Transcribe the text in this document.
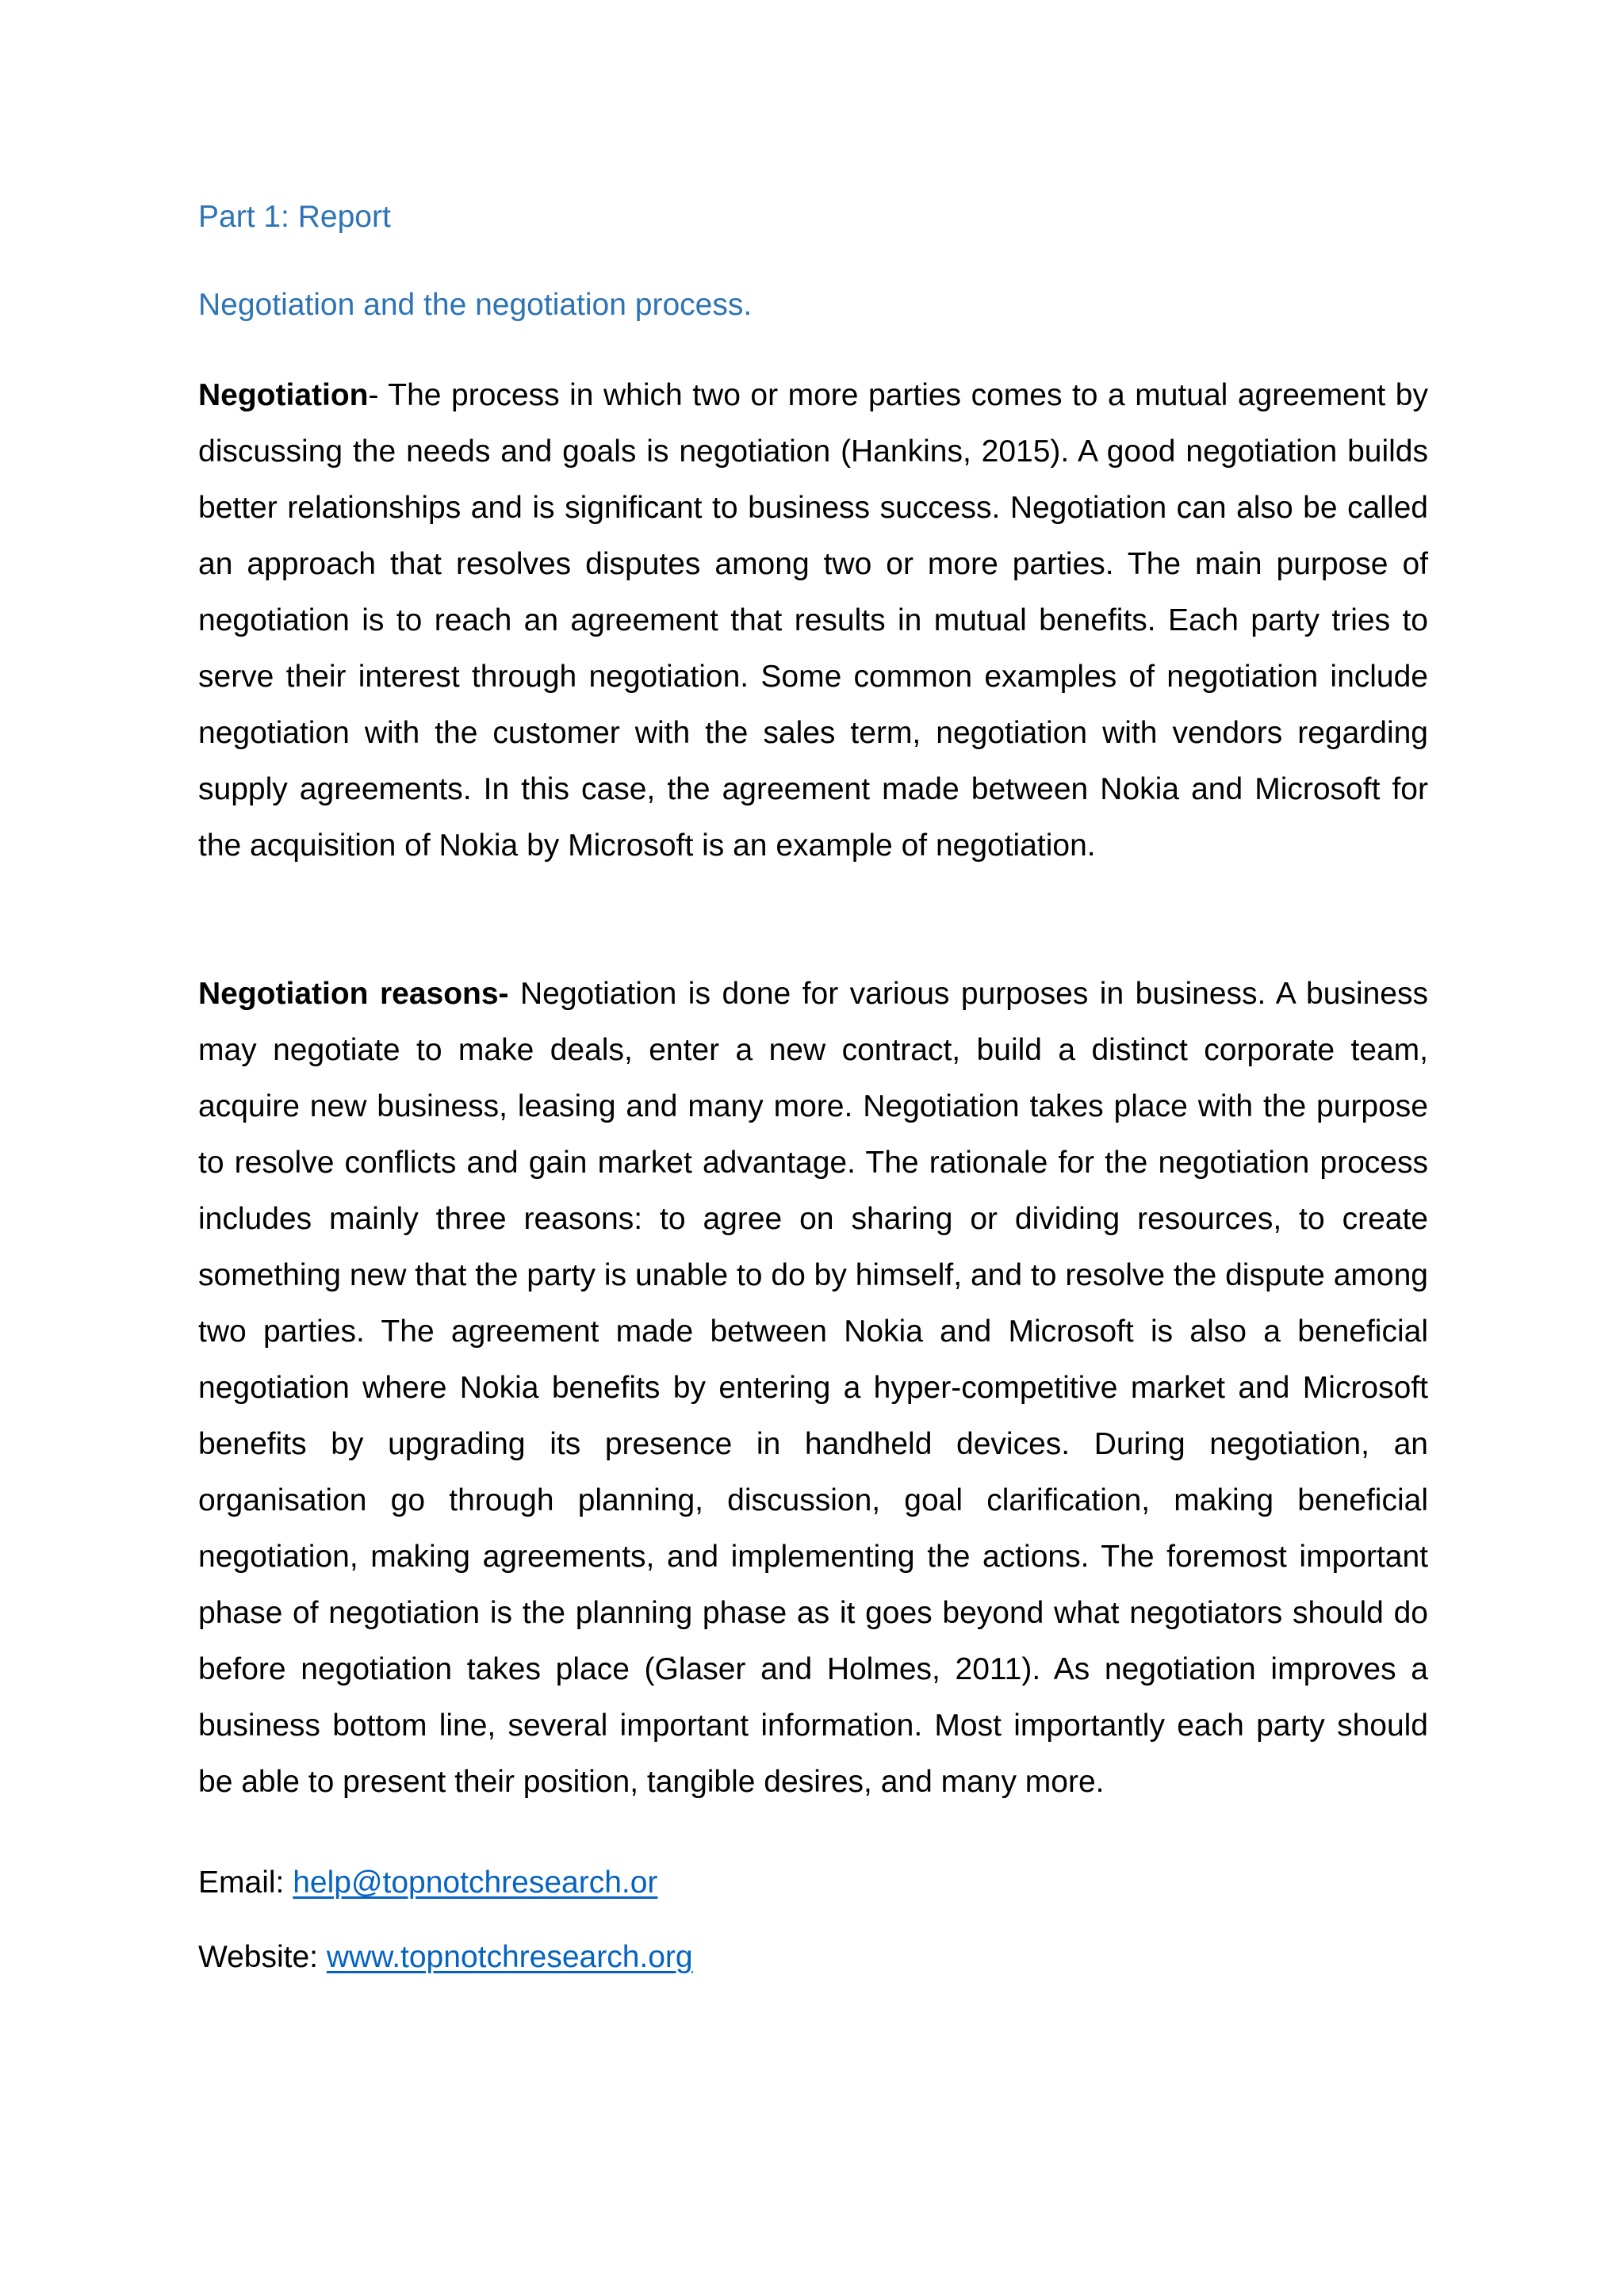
Part 1: Report
Negotiation and the negotiation process.
Negotiation- The process in which two or more parties comes to a mutual agreement by discussing the needs and goals is negotiation (Hankins, 2015). A good negotiation builds better relationships and is significant to business success. Negotiation can also be called an approach that resolves disputes among two or more parties. The main purpose of negotiation is to reach an agreement that results in mutual benefits. Each party tries to serve their interest through negotiation. Some common examples of negotiation include negotiation with the customer with the sales term, negotiation with vendors regarding supply agreements. In this case, the agreement made between Nokia and Microsoft for the acquisition of Nokia by Microsoft is an example of negotiation.
Negotiation reasons- Negotiation is done for various purposes in business. A business may negotiate to make deals, enter a new contract, build a distinct corporate team, acquire new business, leasing and many more. Negotiation takes place with the purpose to resolve conflicts and gain market advantage. The rationale for the negotiation process includes mainly three reasons: to agree on sharing or dividing resources, to create something new that the party is unable to do by himself, and to resolve the dispute among two parties. The agreement made between Nokia and Microsoft is also a beneficial negotiation where Nokia benefits by entering a hyper-competitive market and Microsoft benefits by upgrading its presence in handheld devices. During negotiation, an organisation go through planning, discussion, goal clarification, making beneficial negotiation, making agreements, and implementing the actions. The foremost important phase of negotiation is the planning phase as it goes beyond what negotiators should do before negotiation takes place (Glaser and Holmes, 2011). As negotiation improves a business bottom line, several important information. Most importantly each party should be able to present their position, tangible desires, and many more.
Email: help@topnotchresearch.or
Website: www.topnotchresearch.org
